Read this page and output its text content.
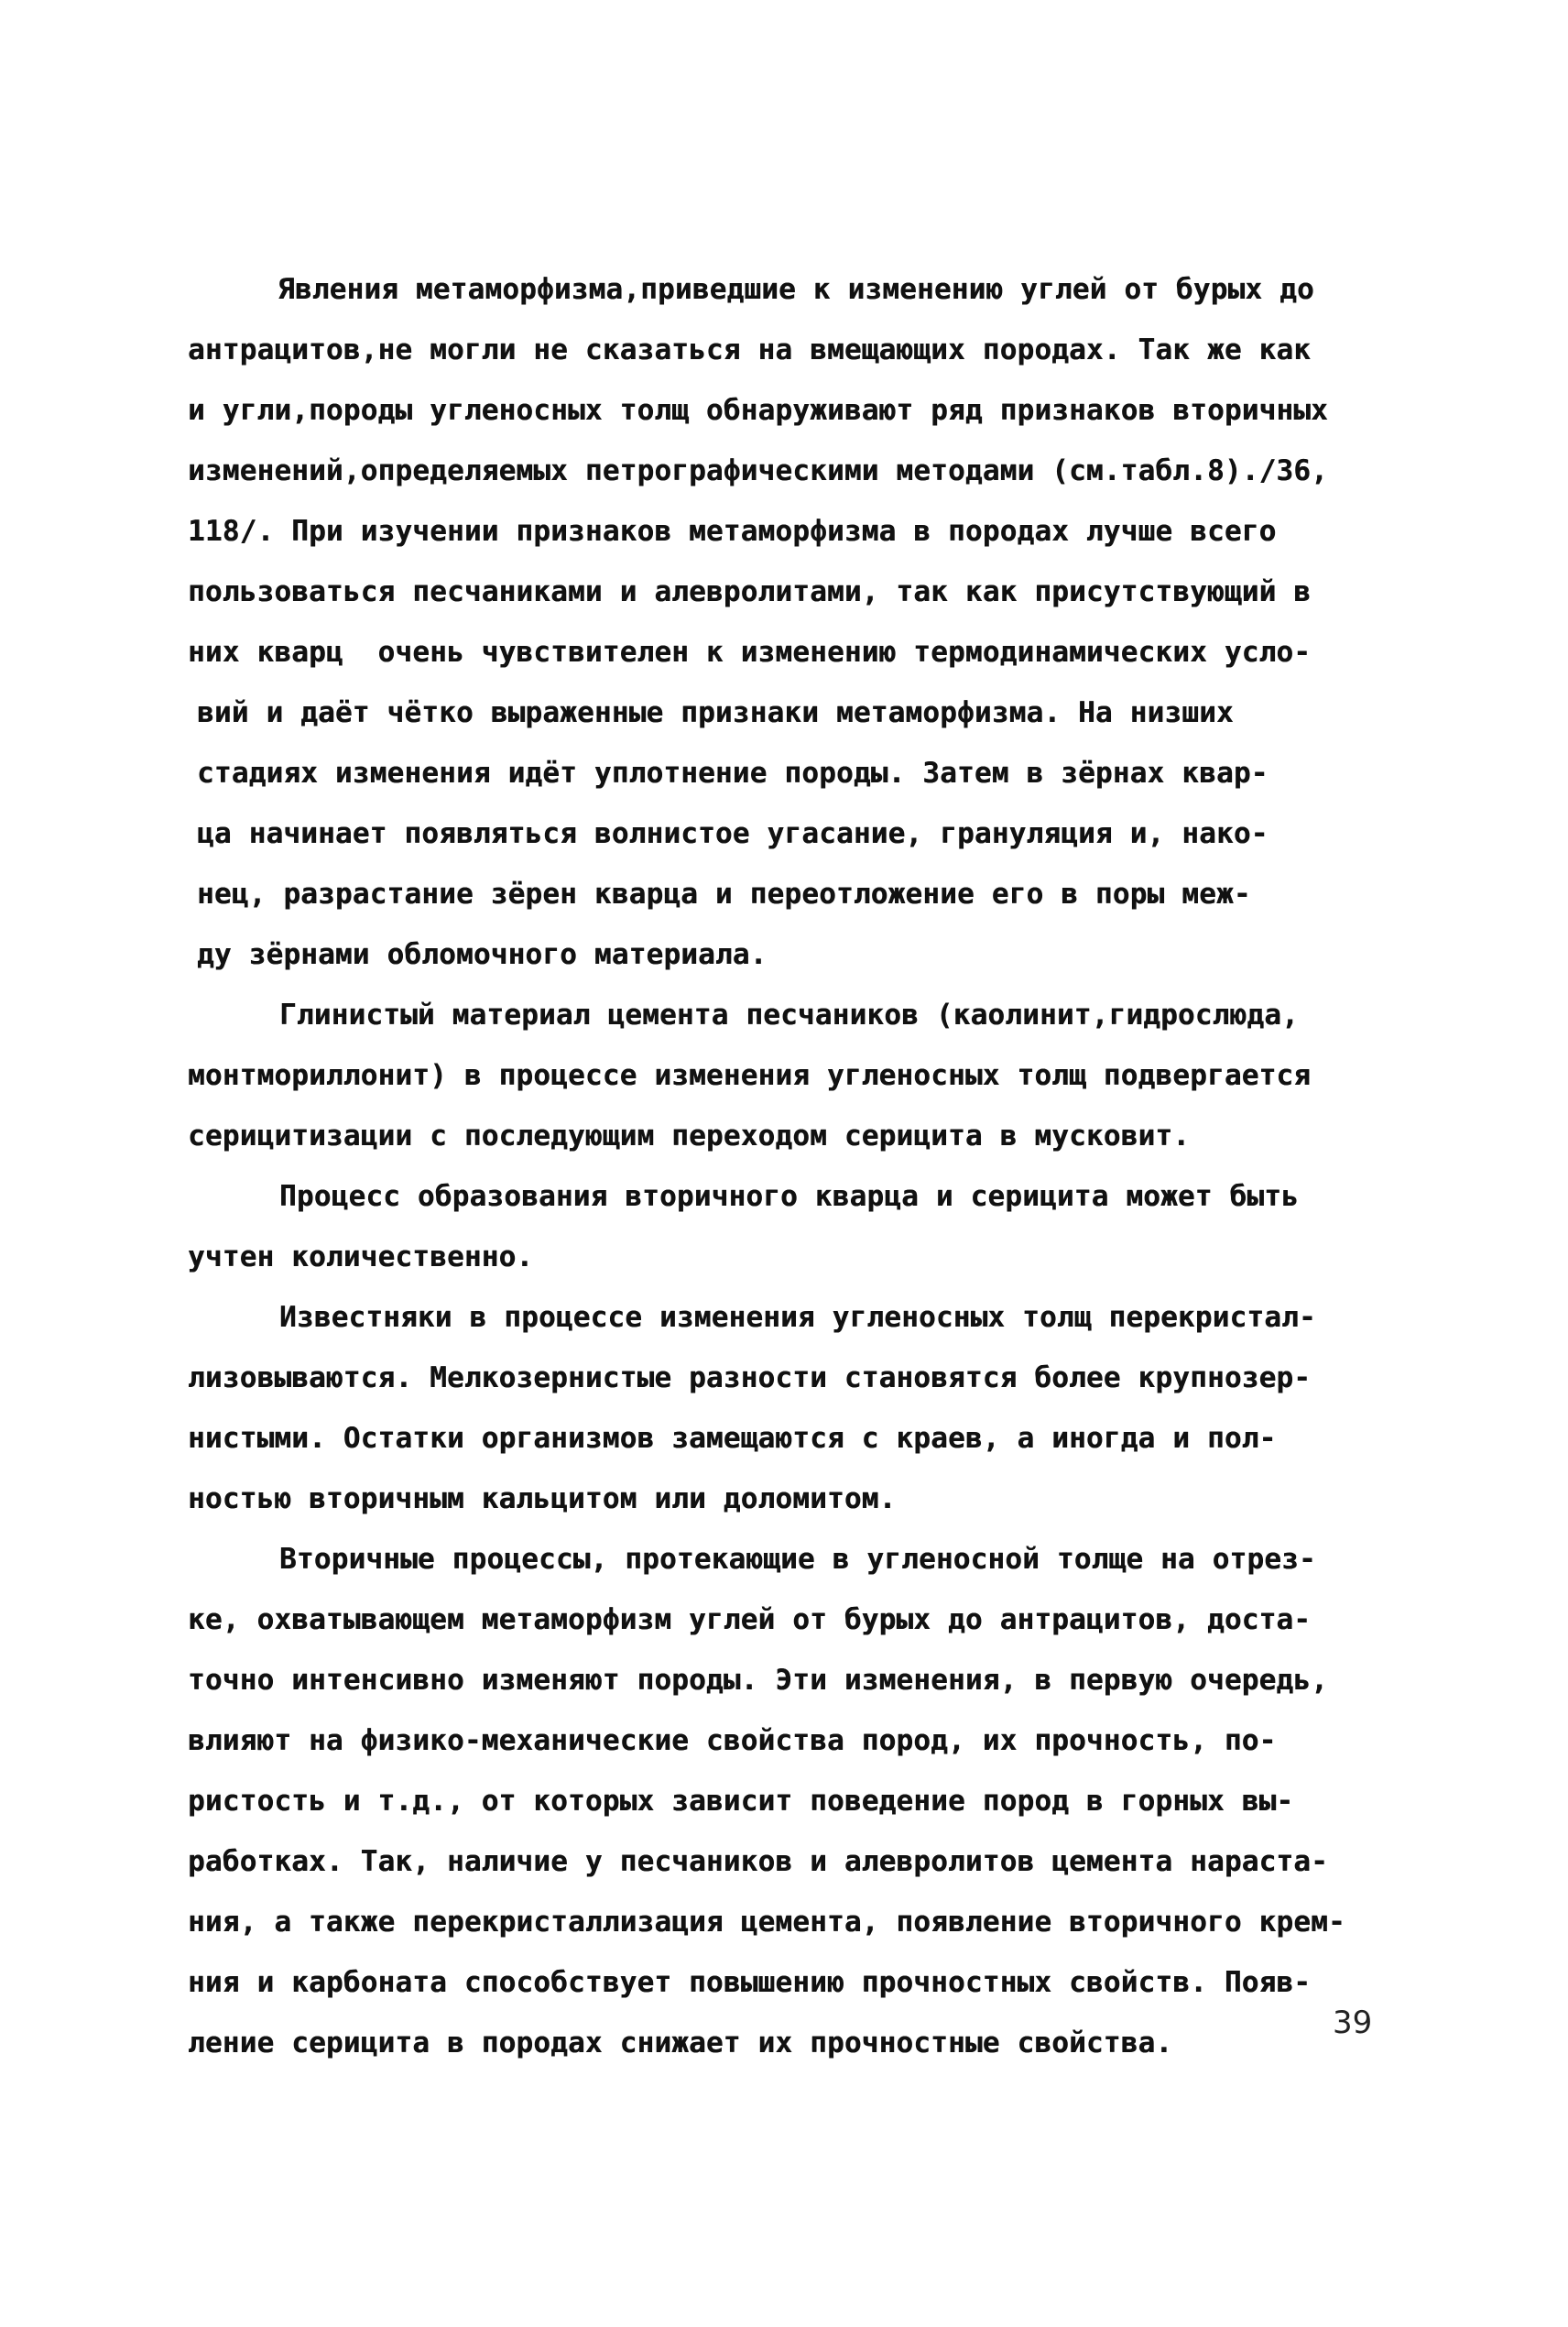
Явления метаморфизма,приведшие к изменению углей от бурых до
антрацитов,не могли не сказаться на вмещающих породах. Так же как
и угли,породы угленосных толщ обнаруживают ряд признаков вторичных
изменений,определяемых петрографическими методами (см.табл.8)./36,
118/. При изучении признаков метаморфизма в породах лучше всего
пользоваться песчаниками и алевролитами, так как присутствующий в
них кварц  очень чувствителен к изменению термодинамических усло-
вий и даёт чётко выраженные признаки метаморфизма. На низших
стадиях изменения идёт уплотнение породы. Затем в зёрнах квар-
ца начинает появляться волнистое угасание, грануляция и, нако-
нец, разрастание зёрен кварца и переотложение его в поры меж-
ду зёрнами обломочного материала.
Глинистый материал цемента песчаников (каолинит,гидрослюда,
монтмориллонит) в процессе изменения угленосных толщ подвергается
серицитизации с последующим переходом серицита в мусковит.
Процесс образования вторичного кварца и серицита может быть
учтен количественно.
Известняки в процессе изменения угленосных толщ перекристал-
лизовываются. Мелкозернистые разности становятся более крупнозер-
нистыми. Остатки организмов замещаются с краев, а иногда и пол-
ностью вторичным кальцитом или доломитом.
Вторичные процессы, протекающие в угленосной толще на отрез-
ке, охватывающем метаморфизм углей от бурых до антрацитов, доста-
точно интенсивно изменяют породы. Эти изменения, в первую очередь,
влияют на физико-механические свойства пород, их прочность, по-
ристость и т.д., от которых зависит поведение пород в горных вы-
работках. Так, наличие у песчаников и алевролитов цемента нараста-
ния, а также перекристаллизация цемента, появление вторичного крем-
ния и карбоната способствует повышению прочностных свойств. Появ-
ление серицита в породах снижает их прочностные свойства.
39
